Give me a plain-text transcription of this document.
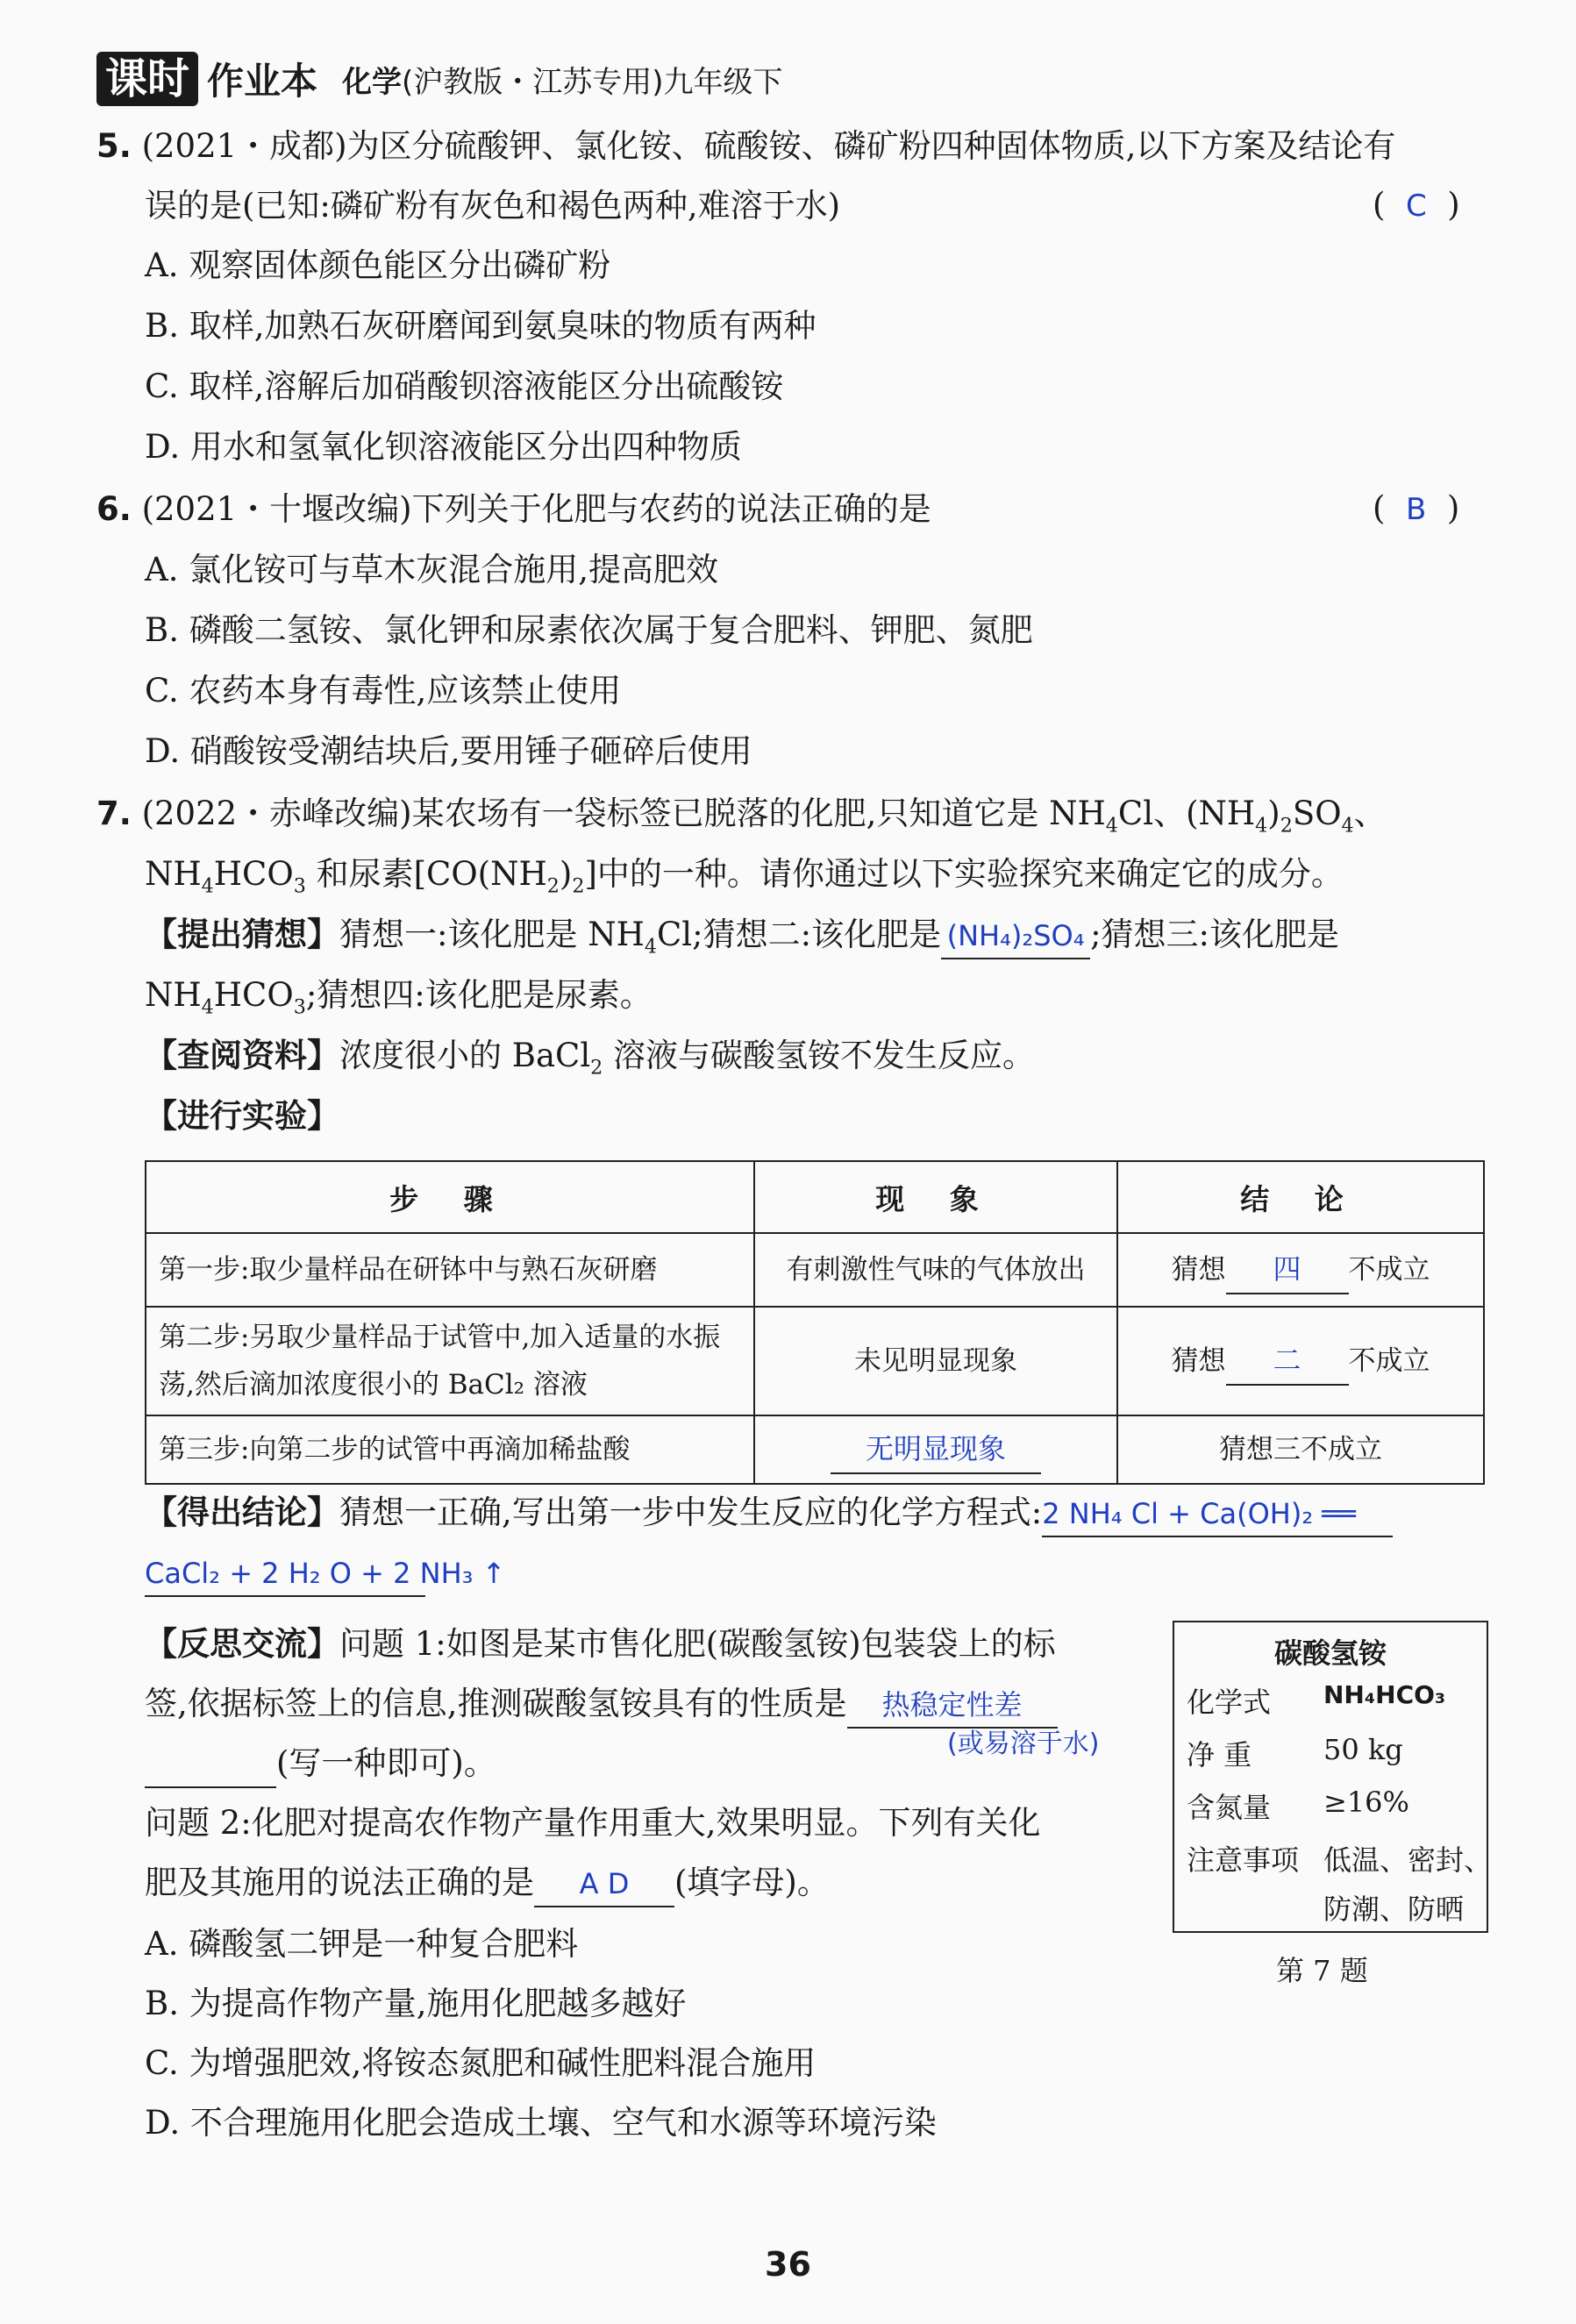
课时 作业本 化学(沪教版・江苏专用)九年级下
5. (2021・成都)为区分硫酸钾、氯化铵、硫酸铵、磷矿粉四种固体物质,以下方案及结论有
误的是(已知:磷矿粉有灰色和褐色两种,难溶于水)	(  C  )
A. 观察固体颜色能区分出磷矿粉
B. 取样,加熟石灰研磨闻到氨臭味的物质有两种
C. 取样,溶解后加硝酸钡溶液能区分出硫酸铵
D. 用水和氢氧化钡溶液能区分出四种物质
6. (2021・十堰改编)下列关于化肥与农药的说法正确的是	(  B  )
A. 氯化铵可与草木灰混合施用,提高肥效
B. 磷酸二氢铵、氯化钾和尿素依次属于复合肥料、钾肥、氮肥
C. 农药本身有毒性,应该禁止使用
D. 硝酸铵受潮结块后,要用锤子砸碎后使用
7. (2022・赤峰改编)某农场有一袋标签已脱落的化肥,只知道它是 $NH_4Cl$、$(NH_4)_2SO_4$、
$NH_4HCO_3$ 和尿素$[CO(NH_2)_2]$中的一种。请你通过以下实验探究来确定它的成分。
【提出猜想】猜想一:该化肥是 $NH_4Cl$;猜想二:该化肥是 (NH₄)₂SO₄ ;猜想三:该化肥是
$NH_4HCO_3$;猜想四:该化肥是尿素。
【查阅资料】浓度很小的 BaCl$_2$ 溶液与碳酸氢铵不发生反应。
【进行实验】
步 骤	现 象	结 论
第一步:取少量样品在研钵中与熟石灰研磨	有刺激性气味的气体放出	猜想 四 不成立
第二步:另取少量样品于试管中,加入适量的水振荡,然后滴加浓度很小的 BaCl₂ 溶液	未见明显现象	猜想 二 不成立
第三步:向第二步的试管中再滴加稀盐酸	无明显现象	猜想三不成立
【得出结论】猜想一正确,写出第一步中发生反应的化学方程式:2 NH₄ Cl + Ca(OH)₂ ══
CaCl₂ + 2 H₂ O + 2 NH₃ ↑
【反思交流】问题 1:如图是某市售化肥(碳酸氢铵)包装袋上的标
签,依据标签上的信息,推测碳酸氢铵具有的性质是 热稳定性差
(写一种即可)。
(或易溶于水)
问题 2:化肥对提高农作物产量作用重大,效果明显。下列有关化
肥及其施用的说法正确的是 A D (填字母)。
A. 磷酸氢二钾是一种复合肥料
B. 为提高作物产量,施用化肥越多越好
C. 为增强肥效,将铵态氮肥和碱性肥料混合施用
D. 不合理施用化肥会造成土壤、空气和水源等环境污染
碳酸氢铵
化学式 NH₄HCO₃
净 重	50 kg
含氮量 ≥16%
注意事项 低温、密封、
防潮、防晒
第 7 题
36
